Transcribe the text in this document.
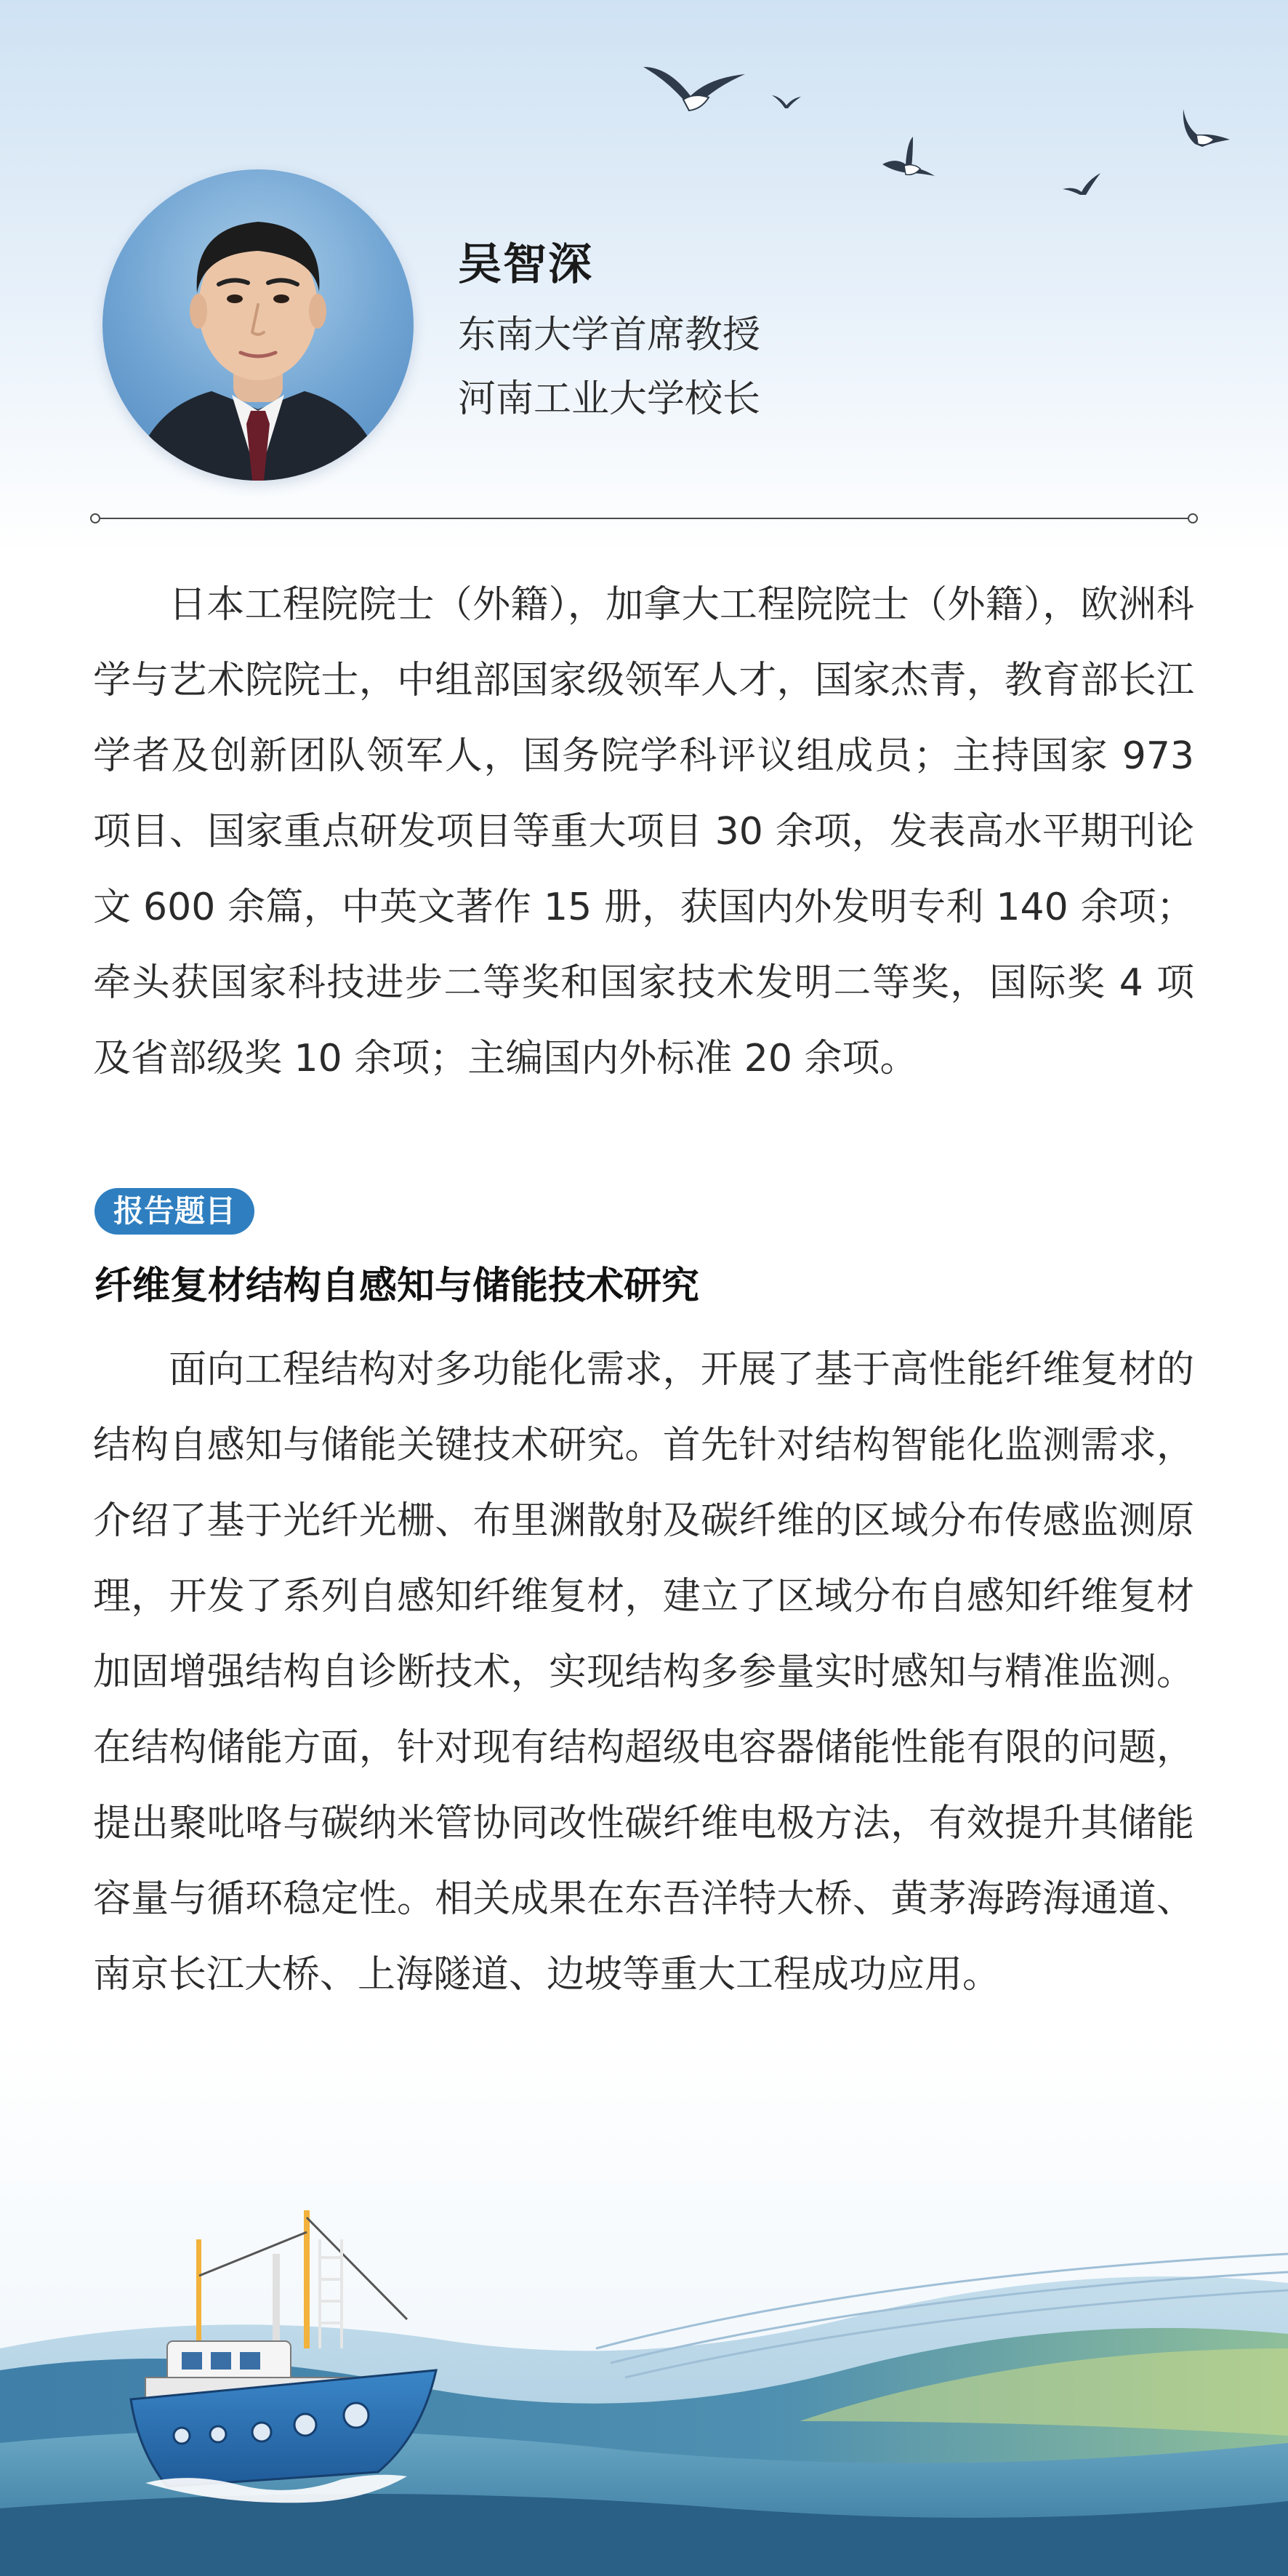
吴智深
东南大学首席教授
河南工业大学校长

日本工程院院士（外籍），加拿大工程院院士（外籍），欧洲科学与艺术院院士，中组部国家级领军人才，国家杰青，教育部长江学者及创新团队领军人，国务院学科评议组成员；主持国家 973 项目、国家重点研发项目等重大项目 30 余项，发表高水平期刊论文 600 余篇，中英文著作 15 册，获国内外发明专利 140 余项；牵头获国家科技进步二等奖和国家技术发明二等奖，国际奖 4 项及省部级奖 10 余项；主编国内外标准 20 余项。

报告题目
纤维复材结构自感知与储能技术研究

面向工程结构对多功能化需求，开展了基于高性能纤维复材的结构自感知与储能关键技术研究。首先针对结构智能化监测需求，介绍了基于光纤光栅、布里渊散射及碳纤维的区域分布传感监测原理，开发了系列自感知纤维复材，建立了区域分布自感知纤维复材加固增强结构自诊断技术，实现结构多参量实时感知与精准监测。在结构储能方面，针对现有结构超级电容器储能性能有限的问题，提出聚吡咯与碳纳米管协同改性碳纤维电极方法，有效提升其储能容量与循环稳定性。相关成果在东吾洋特大桥、黄茅海跨海通道、南京长江大桥、上海隧道、边坡等重大工程成功应用。
